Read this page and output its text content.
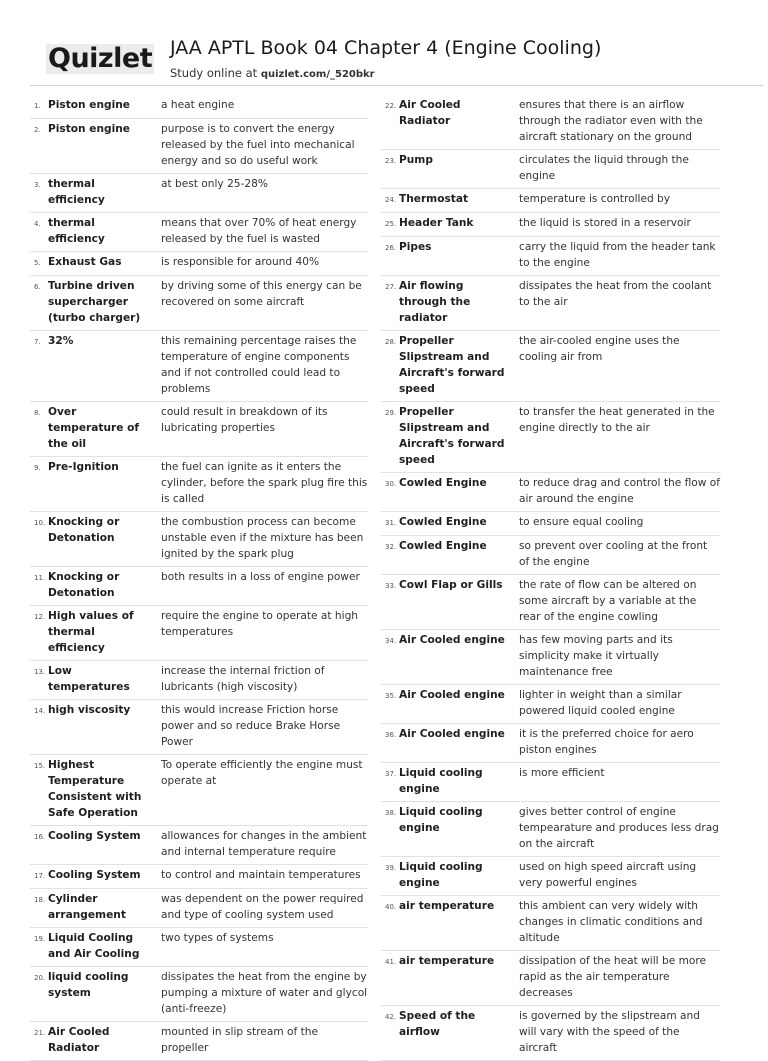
Quizlet JAA APTL Book 04 Chapter 4 (Engine Cooling)
Study online at quizlet.com/_520bkr
1. Piston engine	a heat engine
2. Piston engine	purpose is to convert the energy released by the fuel into mechanical energy and so do useful work
3. thermal efficiency
at best only 25-28%
4. thermal efficiency
means that over 70% of heat energy released by the fuel is wasted
5. Exhaust Gas	is responsible for around 40%
6. Turbine driven supercharger (turbo charger)
by driving some of this energy can be recovered on some aircraft
7. 32%	this remaining percentage raises the temperature of engine components and if not controlled could lead to problems
8. Over temperature of the oil
could result in breakdown of its lubricating properties
9. Pre-Ignition	the fuel can ignite as it enters the cylinder, before the spark plug fire this is called
10. Knocking or Detonation
the combustion process can become unstable even if the mixture has been ignited by the spark plug
11. Knocking or Detonation
both results in a loss of engine power
12. High values of thermal efficiency
require the engine to operate at high temperatures
13. Low temperatures
increase the internal friction of lubricants (high viscosity)
14. high viscosity	this would increase Friction horse power and so reduce Brake Horse Power
15. Highest Temperature Consistent with Safe Operation
To operate efficiently the engine must operate at
16. Cooling System	allowances for changes in the ambient and internal temperature require
17. Cooling System	to control and maintain temperatures
18. Cylinder arrangement
was dependent on the power required and type of cooling system used
19. Liquid Cooling and Air Cooling
two types of systems
20. liquid cooling system
dissipates the heat from the engine by pumping a mixture of water and glycol (anti-freeze)
21. Air Cooled Radiator
mounted in slip stream of the propeller
22. Air Cooled Radiator
ensures that there is an airflow through the radiator even with the aircraft stationary on the ground
23. Pump	circulates the liquid through the engine
24. Thermostat	temperature is controlled by
25. Header Tank	the liquid is stored in a reservoir
26. Pipes	carry the liquid from the header tank to the engine
27. Air flowing through the radiator
dissipates the heat from the coolant to the air
28. Propeller Slipstream and Aircraft's forward speed
the air-cooled engine uses the cooling air from
29. Propeller Slipstream and Aircraft's forward speed
to transfer the heat generated in the engine directly to the air
30. Cowled Engine	to reduce drag and control the flow of air around the engine
31. Cowled Engine	to ensure equal cooling
32. Cowled Engine	so prevent over cooling at the front of the engine
33. Cowl Flap or Gills	the rate of flow can be altered on some aircraft by a variable at the rear of the engine cowling
34. Air Cooled engine	has few moving parts and its simplicity make it virtually maintenance free
35. Air Cooled engine	lighter in weight than a similar powered liquid cooled engine
36. Air Cooled engine	it is the preferred choice for aero piston engines
37. Liquid cooling engine
is more efficient
38. Liquid cooling engine
gives better control of engine tempearature and produces less drag on the aircraft
39. Liquid cooling engine
used on high speed aircraft using very powerful engines
40. air temperature	this ambient can very widely with changes in climatic conditions and altitude
41. air temperature	dissipation of the heat will be more rapid as the air temperature decreases
42. Speed of the airflow
is governed by the slipstream and will vary with the speed of the aircraft
